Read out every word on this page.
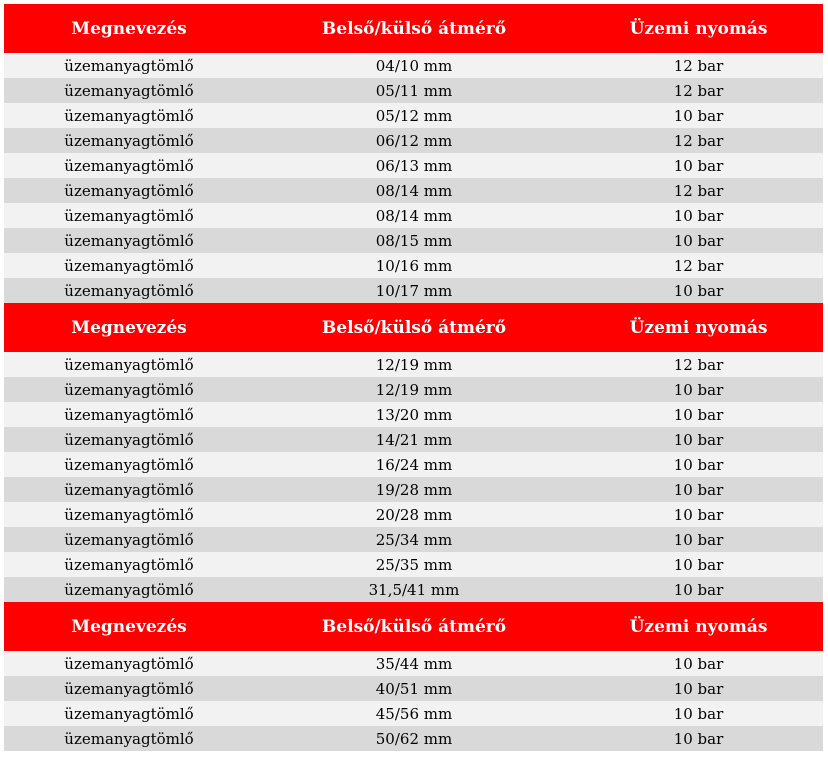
Megnevezés	Belső/külső átmérő	Üzemi nyomás
üzemanyagtömlő	04/10 mm	12 bar
üzemanyagtömlő	05/11 mm	12 bar
üzemanyagtömlő	05/12 mm	10 bar
üzemanyagtömlő	06/12 mm	12 bar
üzemanyagtömlő	06/13 mm	10 bar
üzemanyagtömlő	08/14 mm	12 bar
üzemanyagtömlő	08/14 mm	10 bar
üzemanyagtömlő	08/15 mm	10 bar
üzemanyagtömlő	10/16 mm	12 bar
üzemanyagtömlő	10/17 mm	10 bar
Megnevezés	Belső/külső átmérő	Üzemi nyomás
üzemanyagtömlő	12/19 mm	12 bar
üzemanyagtömlő	12/19 mm	10 bar
üzemanyagtömlő	13/20 mm	10 bar
üzemanyagtömlő	14/21 mm	10 bar
üzemanyagtömlő	16/24 mm	10 bar
üzemanyagtömlő	19/28 mm	10 bar
üzemanyagtömlő	20/28 mm	10 bar
üzemanyagtömlő	25/34 mm	10 bar
üzemanyagtömlő	25/35 mm	10 bar
üzemanyagtömlő	31,5/41 mm	10 bar
Megnevezés	Belső/külső átmérő	Üzemi nyomás
üzemanyagtömlő	35/44 mm	10 bar
üzemanyagtömlő	40/51 mm	10 bar
üzemanyagtömlő	45/56 mm	10 bar
üzemanyagtömlő	50/62 mm	10 bar
